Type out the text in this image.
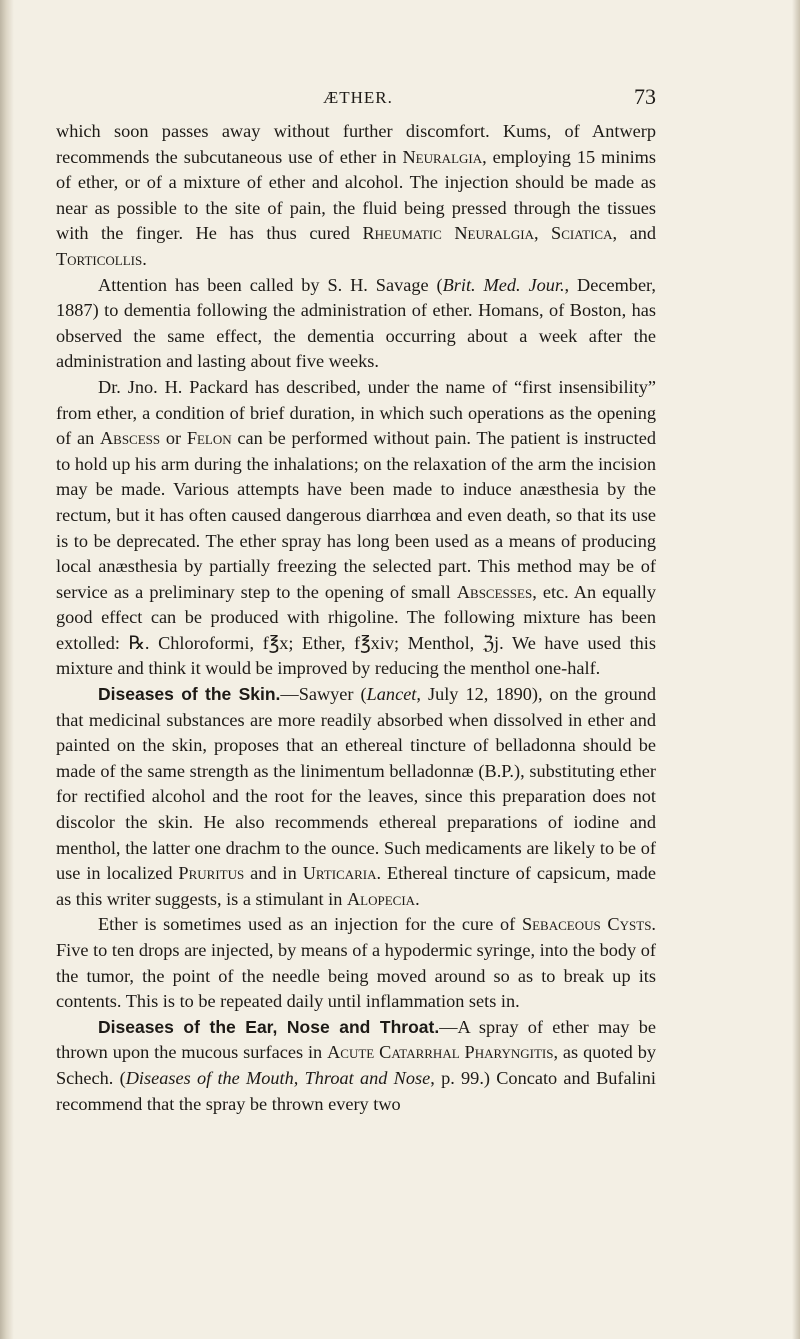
ÆTHER.	73

which soon passes away without further discomfort. Kums, of Antwerp recommends the subcutaneous use of ether in Neuralgia, employing 15 minims of ether, or of a mixture of ether and alcohol. The injection should be made as near as possible to the site of pain, the fluid being pressed through the tissues with the finger. He has thus cured Rheumatic Neuralgia, Sciatica, and Torticollis.

Attention has been called by S. H. Savage (Brit. Med. Jour., December, 1887) to dementia following the administration of ether. Homans, of Boston, has observed the same effect, the dementia occurring about a week after the administration and lasting about five weeks.

Dr. Jno. H. Packard has described, under the name of “first insensibility” from ether, a condition of brief duration, in which such operations as the opening of an Abscess or Felon can be performed without pain. The patient is instructed to hold up his arm during the inhalations; on the relaxation of the arm the incision may be made. Various attempts have been made to induce anæsthesia by the rectum, but it has often caused dangerous diarrhœa and even death, so that its use is to be deprecated. The ether spray has long been used as a means of producing local anæsthesia by partially freezing the selected part. This method may be of service as a preliminary step to the opening of small Abscesses, etc. An equally good effect can be produced with rhigoline. The following mixture has been extolled: ℞. Chloroformi, f℥x; Ether, f℥xiv; Menthol, ℨj. We have used this mixture and think it would be improved by reducing the menthol one-half.

Diseases of the Skin.—Sawyer (Lancet, July 12, 1890), on the ground that medicinal substances are more readily absorbed when dissolved in ether and painted on the skin, proposes that an ethereal tincture of belladonna should be made of the same strength as the linimentum belladonnæ (B.P.), substituting ether for rectified alcohol and the root for the leaves, since this preparation does not discolor the skin. He also recommends ethereal preparations of iodine and menthol, the latter one drachm to the ounce. Such medicaments are likely to be of use in localized Pruritus and in Urticaria. Ethereal tincture of capsicum, made as this writer suggests, is a stimulant in Alopecia.

Ether is sometimes used as an injection for the cure of Sebaceous Cysts. Five to ten drops are injected, by means of a hypodermic syringe, into the body of the tumor, the point of the needle being moved around so as to break up its contents. This is to be repeated daily until inflammation sets in.

Diseases of the Ear, Nose and Throat.—A spray of ether may be thrown upon the mucous surfaces in Acute Catarrhal Pharyngitis, as quoted by Schech. (Diseases of the Mouth, Throat and Nose, p. 99.) Concato and Bufalini recommend that the spray be thrown every two
